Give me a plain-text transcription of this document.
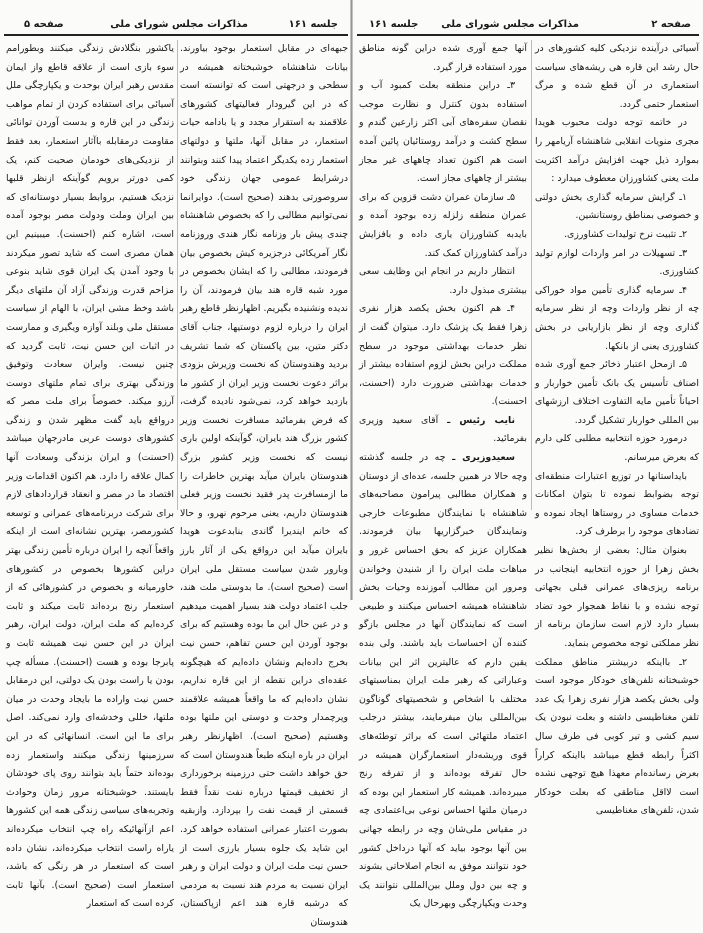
جلسه ۱۶۱
مذاکرات مجلس شورای ملی
صفحه ۵

جبهه‌ای در مقابل استعمار بوجود بیاورند. بیانات شاهنشاه خوشبختانه همیشه در سطحی و درجهتی است که توانسته است که در این گیرودار فعالیتهای کشورهای علاقمند به استقرار مجدد و یا بادامه حیات استعمار، در مقابل آنها، ملتها و دولتهای استعمار زده یکدیگر اعتماد پیدا کنند وبتوانند درشرایط عمومی جهان زندگی خود سروصورتی بدهند (صحیح است). دوایرانما نمی‌توانیم مطالبی را که بخصوص شاهنشاه چندی پیش بار وزنامه نگار هندی وروزنامه نگار آمریکائی درجزیره کیش بخصوص بیان فرمودند، مطالبی را که ایشان بخصوص در مورد شبه قاره هند بیان فرمودند، آن را ندیده ونشنیده بگیریم. اظهارنظر قاطع رهبر ایران را درباره لزوم دوستیها، جناب آقای دکتر متین، بین پاکستان که شما تشریف بردید وهندوستان که نخست وزیرش بزودی براثر دعوت نخست وزیر ایران از کشور ما بازدید خواهد کرد، نمی‌شود نادیده گرفت، که فرض بفرمائید مسافرت نخست وزیر کشور بزرگ هند بایران، گوآینکه اولین باری نیست که نخست وزیر کشور بزرگ هندوستان بایران میآید بهترین خاطرات را ما ازمسافرت پدر فقید نخست وزیر فعلی هندوستان داریم، یعنی مرحوم نهرو، و حالا که خانم ایندیرا گاندی بنابدعوت هویدا بایران میآید این درواقع یکی از آثار بارز وبارور شدن سیاست مستقل ملی ایران است (صحیح است). ما بدوستی ملت هند، جلب اعتماد دولت هند بسیار اهمیت میدهیم و در عین حال این ما بوده وهستیم که برای بوجود آوردن این حسن تفاهم، حسن نیت بخرج داده‌ایم ونشان داده‌ایم که هیچگونه عقده‌ای دراین نقطه از این قاره نداریم، نشان داده‌ایم که ما واقعاً همیشه علاقمند وپرچمدار وحدت و دوستی این ملتها بوده وهستیم (صحیح است). اظهارنظر رهبر ایران در باره اینکه طبعاً هندوستان است که حق خواهد داشت حتی درزمینه برخورداری از تخفیف قیمتها درباره نفت نقداً فقط قسمتی از قیمت نفت را بپردازد. وازبقیه بصورت اعتبار عمرانی استفاده خواهد کرد. این شاید یک جلوه بسیار بارزی است از حسن نیت ملت ایران و دولت ایران و رهبر ایران نسبت به مردم هند نسبت به مردمی که درشبه قاره هند اعم ازپاکستان، هندوستان

یاکشور بنگلادش زندگی میکنند وبطورامم سوء‌ بازی است از علاقه قاطع واز ایمان مقدس رهبر ایران بوحدت و یکپارچگی ملل آسیائی برای استفاده کردن از تمام مواهب زندگی در این قاره و بدست آوردن توانائی مقاومت درمقابله باآثار استعمار، بعد فقط از نزدیکی‌های خودمان صحبت کنم، یک کمی دورتر برویم گوآینکه ازنظر قلبها نزدیک هستیم، بروابط بسیار دوستانه‌ای که بین ایران وملت ودولت مصر بوجود آمده است، اشاره کنم (احسنت). میبینیم این همان مصری است که شاید تصور میکردند با وجود آمدن یک ایران قوی شاید بنوعی مزاحم قدرت وزندگی آزاد آن ملتهای دیگر باشد وخط مشی ایران، با الهام از سیاست مستقل ملی وبلند آوازه ویگیری و ممارست در اثبات این حسن نیت، ثابت گردید که چنین نیست. وایران سعادت وتوفیق وزندگی بهتری برای تمام ملتهای دوست آرزو میکند. خصوصاً برای ملت مصر که درواقع باید گفت مظهر شدن و زندگی کشورهای دوست عربی مادرجهان میباشد (احسنت) و ایران بزندگی وسعادت آنها کمال علاقه را دارد. هم اکنون اقدامات وزیر اقتصاد ما در مصر و انعقاد قراردادهای لازم برای شرکت دربرنامه‌های عمرانی و توسعه کشورمصر، بهترین نشانه‌ای است از اینکه واقعاً آنچه را ایران درباره تأمین زندگی بهتر دراین کشورها بخصوص در کشورهای خاورمیانه و بخصوص در کشورهائی که از استعمار رنج برده‌اند ثابت میکند و ثابت کرده‌ایم که ملت ایران، دولت ایران، رهبر ایران در این حسن نیت همیشه ثابت و پابرجا بوده و هست (احسنت). مسأله چپ بودن یا راست بودن یک دولتی، این درمقابل حسن نیت واراده ما بایجاد وحدت در میان ملتها، خللی وخدشه‌ای وارد نمی‌کند. اصل برای ما این است. انسانهائی که در این سرزمینها زندگی میکنند واستعمار زده بوده‌اند حتماً باید بتوانند روی پای خودشان بایستند. خوشبختانه مرور زمان وحوادث وتجربه‌های سیاسی زندگی همه این کشورها اعم ازآنهائیکه راه چپ انتخاب میکرده‌اند یاراه راست انتخاب میکرده‌اند، نشان داده است که استعمار در هر رنگی که باشد، استعمار است (صحیح است). بآنها ثابت کرده است که استعمار

صفحه ۲
مذاکرات مجلس شورای ملی
جلسه ۱۶۱

آسیائی درآینده نزدیکی کلیه کشورهای در حال رشد این قاره‌ هی ریشه‌های سیاست استعماری در آن قطع شده و مرگ استعمار حتمی گردد.

در خاتمه توجه دولت محبوب هویدا مجری منویات انقلابی شاهنشاه آریامهر را بموارد ذیل جهت افزایش درآمد اکثریت ملت یعنی کشاورزان معطوف میدارد :

۱ـ گرایش سرمایه گذاری بخش دولتی و خصوصی بمناطق روستانشین.

۲ـ تثبیت نرخ تولیدات کشاورزی.

۳ـ تسهیلات در امر واردات لوازم تولید کشاورزی.

۴ـ سرمایه گذاری تأمین مواد خوراکی چه از نظر واردات وچه از نظر سرمایه گذاری وچه از نظر بازاریابی در بخش کشاورزی یعنی از بانکها.

۵ـ ازمحل اعتبار ذخائر جمع آوری شده اصناف تأسیس یک بانک تأمین خواربار و احیاناً تأمین مایه التفاوت اختلاف ارزشهای بین المللی خواربار تشکیل گردد.

درمورد حوزه انتخابیه مطلبی کلی دارم که بعرض میرسانم.

بایداستانها در توزیع اعتبارات منطقه‌ای توجه بضوابط نموده تا بتوان امکانات خدمات مساوی در روستاها ایجاد نموده و تضادهای موجود را برطرف کرد.

بعنوان مثال: بعضی از بخش‌ها نظیر بخش زهرا از حوزه انتخابیه اینجانب در برنامه ریزی‌های عمرانی قبلی بجهاتی توجه نشده و با نقاط همجوار خود تضاد بسیار دارد لازم است سازمان برنامه از نظر مملکتی توجه مخصوص بنماید.

۲ـ بااینکه دربیشتر مناطق مملکت خوشبختانه تلفن‌های خودکار موجود است ولی بخش یکصد هزار نفری زهرا یک عدد تلفن مغناطیسی داشته و بعلت نبودن یک سیم کشی و تیر کوبی فی طرف سال اکثراً رابطه قطع میباشد بااینکه کراراً بعرض رسانده‌ام معهذا هیچ توجهی نشده است لااقل مناطقی که بعلت خودکار شدن، تلفن‌های مغناطیسی

آنها جمع آوری شده دراین گونه مناطق مورد استفاده قرار گیرد.

۳ـ دراین منطقه بعلت کمبود آب و استفاده بدون کنترل و نظارت موجب نقصان سفره‌های آبی اکثر زارعین گندم و سطح کشت و درآمد روستائیان پائین آمده است هم اکنون تعداد چاههای غیر مجاز بیشتر از چاههای مجاز است.

۵ـ سازمان عمران دشت قزوین که برای عمران منطقه زلزله زده بوجود آمده و بایدبه کشاورزان یاری داده و بافزایش درآمد کشاورزان کمک کند.

انتظار داریم در انجام این وظایف سعی بیشتری مبذول دارد.

۴ـ هم اکنون بخش یکصد هزار نفری زهرا فقط یک پزشک دارد. میتوان گفت از نظر خدمات بهداشتی موجود در سطح مملکت دراین بخش لزوم استفاده بیشتر از خدمات بهداشتی ضرورت دارد (احسنت، احسنت).

نایب رئیس ـ آقای سعید وزیری بفرمائید.

سعیدوزیری ـ چه در جلسه گذشته وچه حالا در همین جلسه، عده‌ای از دوستان و همکاران مطالبی پیرامون مصاحبه‌های شاهنشاه با نمایندگان مطبوعات خارجی ونمایندگان خبرگزاریها بیان فرمودند. همکاران عزیز که بحق احساس غرور و مباهات ملت ایران را از شنیدن وخواندن ومرور این مطالب آموزنده وحیات بخش شاهنشاه همیشه احساس میکنند و طبیعی است که نمایندگان آنها در مجلس بازگو کننده آن احساسات باید باشند. ولی بنده یقین دارم که عالیترین اثر این بیانات وعباراتی که رهبر ملت ایران بمناسبتهای مختلف با اشخاص و شخصیتهای گوناگون بین‌المللی بیان میفرمایند، بیشتر درجلب اعتماد ملتهائی است که براثر توطئه‌های قوی وریشه‌دار استعمارگران همیشه در حال تفرقه بوده‌اند و از تفرقه رنج میبرده‌اند. همیشه کار استعمار این بوده که درمیان ملتها احساس نوعی بی‌اعتمادی چه در مقیاس ملی‌شان وچه در رابطه جهانی بین آنها بوجود بیاید که آنها درداخل کشور خود نتوانند موفق به انجام اصلاحاتی بشوند و چه بین دول وملل بین‌المللی نتوانند یک وحدت ویکپارچگی وبهرحال یک
